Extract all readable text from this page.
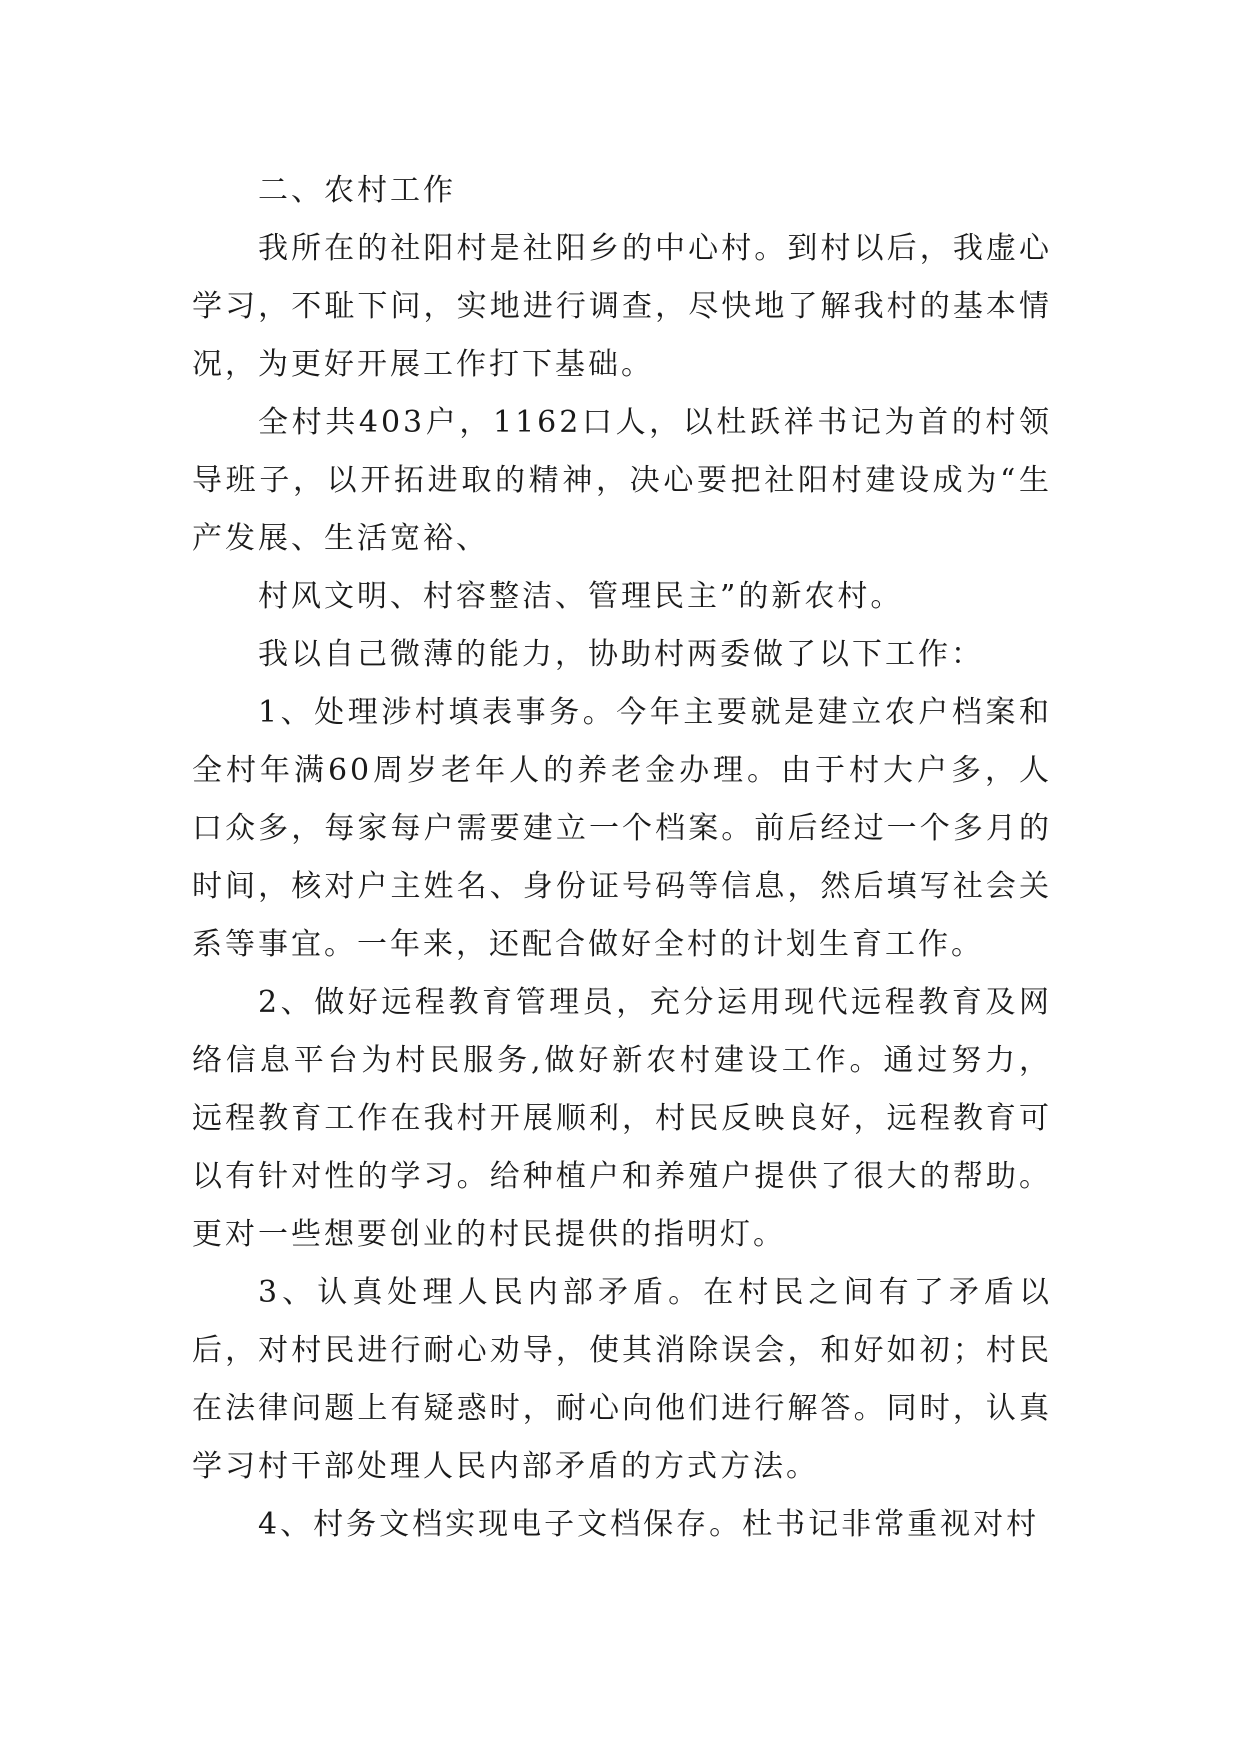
二、农村工作

我所在的社阳村是社阳乡的中心村。到村以后，我虚心学习，不耻下问，实地进行调查，尽快地了解我村的基本情况，为更好开展工作打下基础。

全村共403户，1162口人，以杜跃祥书记为首的村领导班子，以开拓进取的精神，决心要把社阳村建设成为“生产发展、生活宽裕、

村风文明、村容整洁、管理民主”的新农村。

我以自己微薄的能力，协助村两委做了以下工作：

1、处理涉村填表事务。今年主要就是建立农户档案和全村年满60周岁老年人的养老金办理。由于村大户多，人口众多，每家每户需要建立一个档案。前后经过一个多月的时间，核对户主姓名、身份证号码等信息，然后填写社会关系等事宜。一年来，还配合做好全村的计划生育工作。

2、做好远程教育管理员，充分运用现代远程教育及网络信息平台为村民服务,做好新农村建设工作。通过努力，远程教育工作在我村开展顺利，村民反映良好，远程教育可以有针对性的学习。给种植户和养殖户提供了很大的帮助。更对一些想要创业的村民提供的指明灯。

3、认真处理人民内部矛盾。在村民之间有了矛盾以后，对村民进行耐心劝导，使其消除误会，和好如初；村民在法律问题上有疑惑时，耐心向他们进行解答。同时，认真学习村干部处理人民内部矛盾的方式方法。

4、村务文档实现电子文档保存。杜书记非常重视对村
